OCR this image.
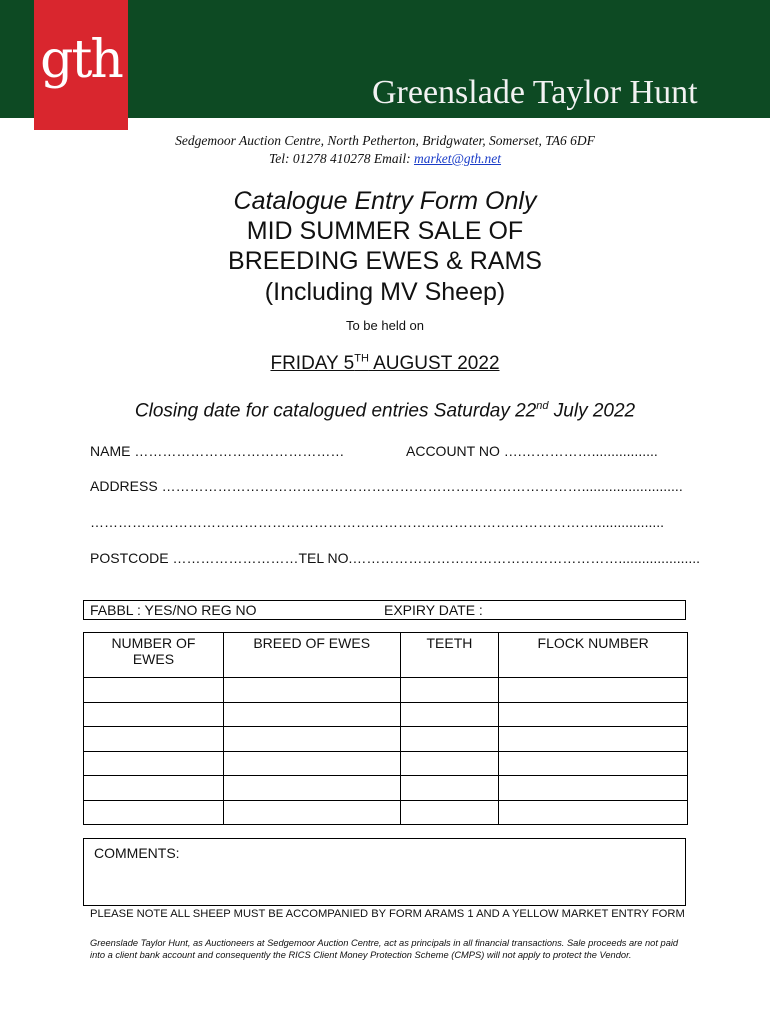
gth
Greenslade Taylor Hunt
Sedgemoor Auction Centre, North Petherton, Bridgwater, Somerset, TA6 6DF
Tel: 01278 410278 Email: market@gth.net
Catalogue Entry Form Only
MID SUMMER SALE OF
BREEDING EWES & RAMS
(Including MV Sheep)
To be held on
FRIDAY 5TH AUGUST 2022
Closing date for catalogued entries Saturday 22nd July 2022
NAME ………………………………………	ACCOUNT NO ….…………….................
ADDRESS ………………………………………………………………………………..........................
………………………………………………………………………………………………..................
POSTCODE ………………………TEL NO.………………………………………………….....................
FABBL : YES/NO REG NO	EXPIRY DATE :
NUMBER OF EWES	BREED OF EWES	TEETH	FLOCK NUMBER

COMMENTS:
PLEASE NOTE ALL SHEEP MUST BE ACCOMPANIED BY FORM ARAMS 1 AND A YELLOW MARKET ENTRY FORM
Greenslade Taylor Hunt, as Auctioneers at Sedgemoor Auction Centre, act as principals in all financial transactions. Sale proceeds are not paid into a client bank account and consequently the RICS Client Money Protection Scheme (CMPS) will not apply to protect the Vendor.
